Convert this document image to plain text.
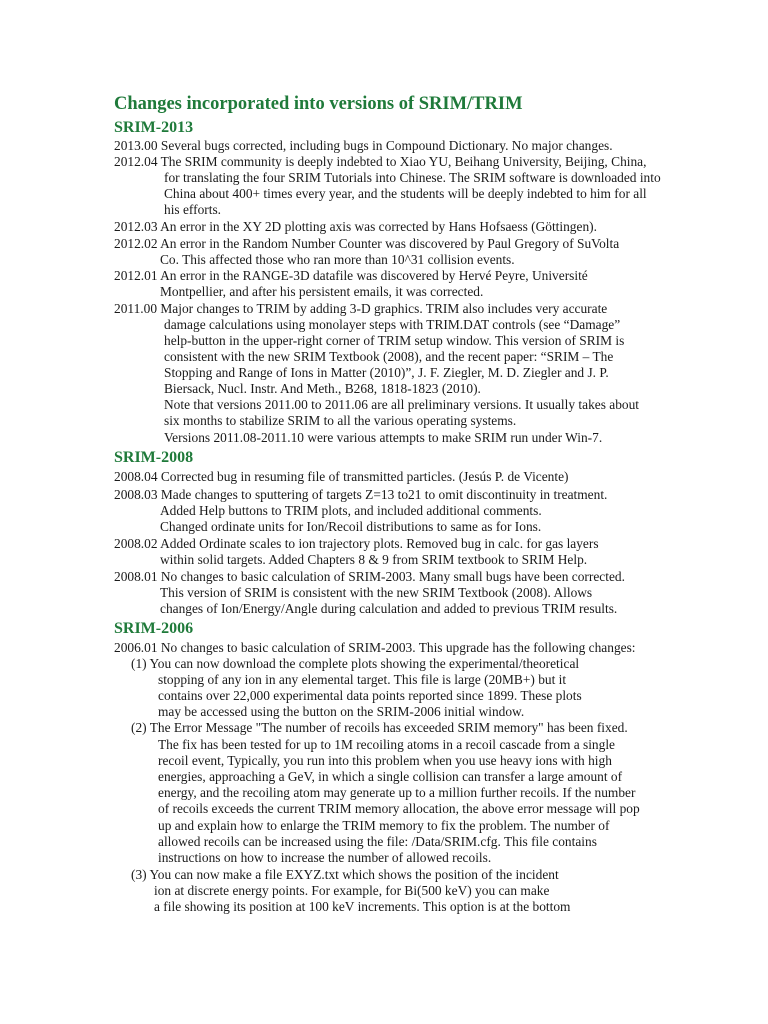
Changes incorporated into versions of SRIM/TRIM
SRIM-2013

2013.00 Several bugs corrected, including bugs in Compound Dictionary. No major changes.

2012.04 The SRIM community is deeply indebted to Xiao YU, Beihang University, Beijing, China,

for translating the four SRIM Tutorials into Chinese. The SRIM software is downloaded into

China about 400+ times every year, and the students will be deeply indebted to him for all

his efforts.

2012.03 An error in the XY 2D plotting axis was corrected by Hans Hofsaess (Göttingen).

2012.02 An error in the Random Number Counter was discovered by Paul Gregory of SuVolta

Co. This affected those who ran more than 10^31 collision events.

2012.01 An error in the RANGE-3D datafile was discovered by Hervé Peyre, Université

Montpellier, and after his persistent emails, it was corrected.

2011.00 Major changes to TRIM by adding 3-D graphics. TRIM also includes very accurate

damage calculations using monolayer steps with TRIM.DAT controls (see “Damage”

help-button in the upper-right corner of TRIM setup window. This version of SRIM is

consistent with the new SRIM Textbook (2008), and the recent paper: “SRIM – The

Stopping and Range of Ions in Matter (2010)”, J. F. Ziegler, M. D. Ziegler and J. P.

Biersack, Nucl. Instr. And Meth., B268, 1818-1823 (2010).

Note that versions 2011.00 to 2011.06 are all preliminary versions. It usually takes about

six months to stabilize SRIM to all the various operating systems.

Versions 2011.08-2011.10 were various attempts to make SRIM run under Win-7.

SRIM-2008

2008.04 Corrected bug in resuming file of transmitted particles. (Jesús P. de Vicente)

2008.03 Made changes to sputtering of targets Z=13 to21 to omit discontinuity in treatment.

Added Help buttons to TRIM plots, and included additional comments.

Changed ordinate units for Ion/Recoil distributions to same as for Ions.

2008.02 Added Ordinate scales to ion trajectory plots. Removed bug in calc. for gas layers

within solid targets. Added Chapters 8 & 9 from SRIM textbook to SRIM Help.

2008.01 No changes to basic calculation of SRIM-2003. Many small bugs have been corrected.

This version of SRIM is consistent with the new SRIM Textbook (2008). Allows

changes of Ion/Energy/Angle during calculation and added to previous TRIM results.

SRIM-2006

2006.01 No changes to basic calculation of SRIM-2003. This upgrade has the following changes:

(1) You can now download the complete plots showing the experimental/theoretical

stopping of any ion in any elemental target. This file is large (20MB+) but it

contains over 22,000 experimental data points reported since 1899. These plots

may be accessed using the button on the SRIM-2006 initial window.

(2) The Error Message "The number of recoils has exceeded SRIM memory" has been fixed.

The fix has been tested for up to 1M recoiling atoms in a recoil cascade from a single

recoil event, Typically, you run into this problem when you use heavy ions with high

energies, approaching a GeV, in which a single collision can transfer a large amount of

energy, and the recoiling atom may generate up to a million further recoils. If the number

of recoils exceeds the current TRIM memory allocation, the above error message will pop

up and explain how to enlarge the TRIM memory to fix the problem. The number of

allowed recoils can be increased using the file: /Data/SRIM.cfg. This file contains

instructions on how to increase the number of allowed recoils.

(3) You can now make a file EXYZ.txt which shows the position of the incident

ion at discrete energy points. For example, for Bi(500 keV) you can make

a file showing its position at 100 keV increments. This option is at the bottom
